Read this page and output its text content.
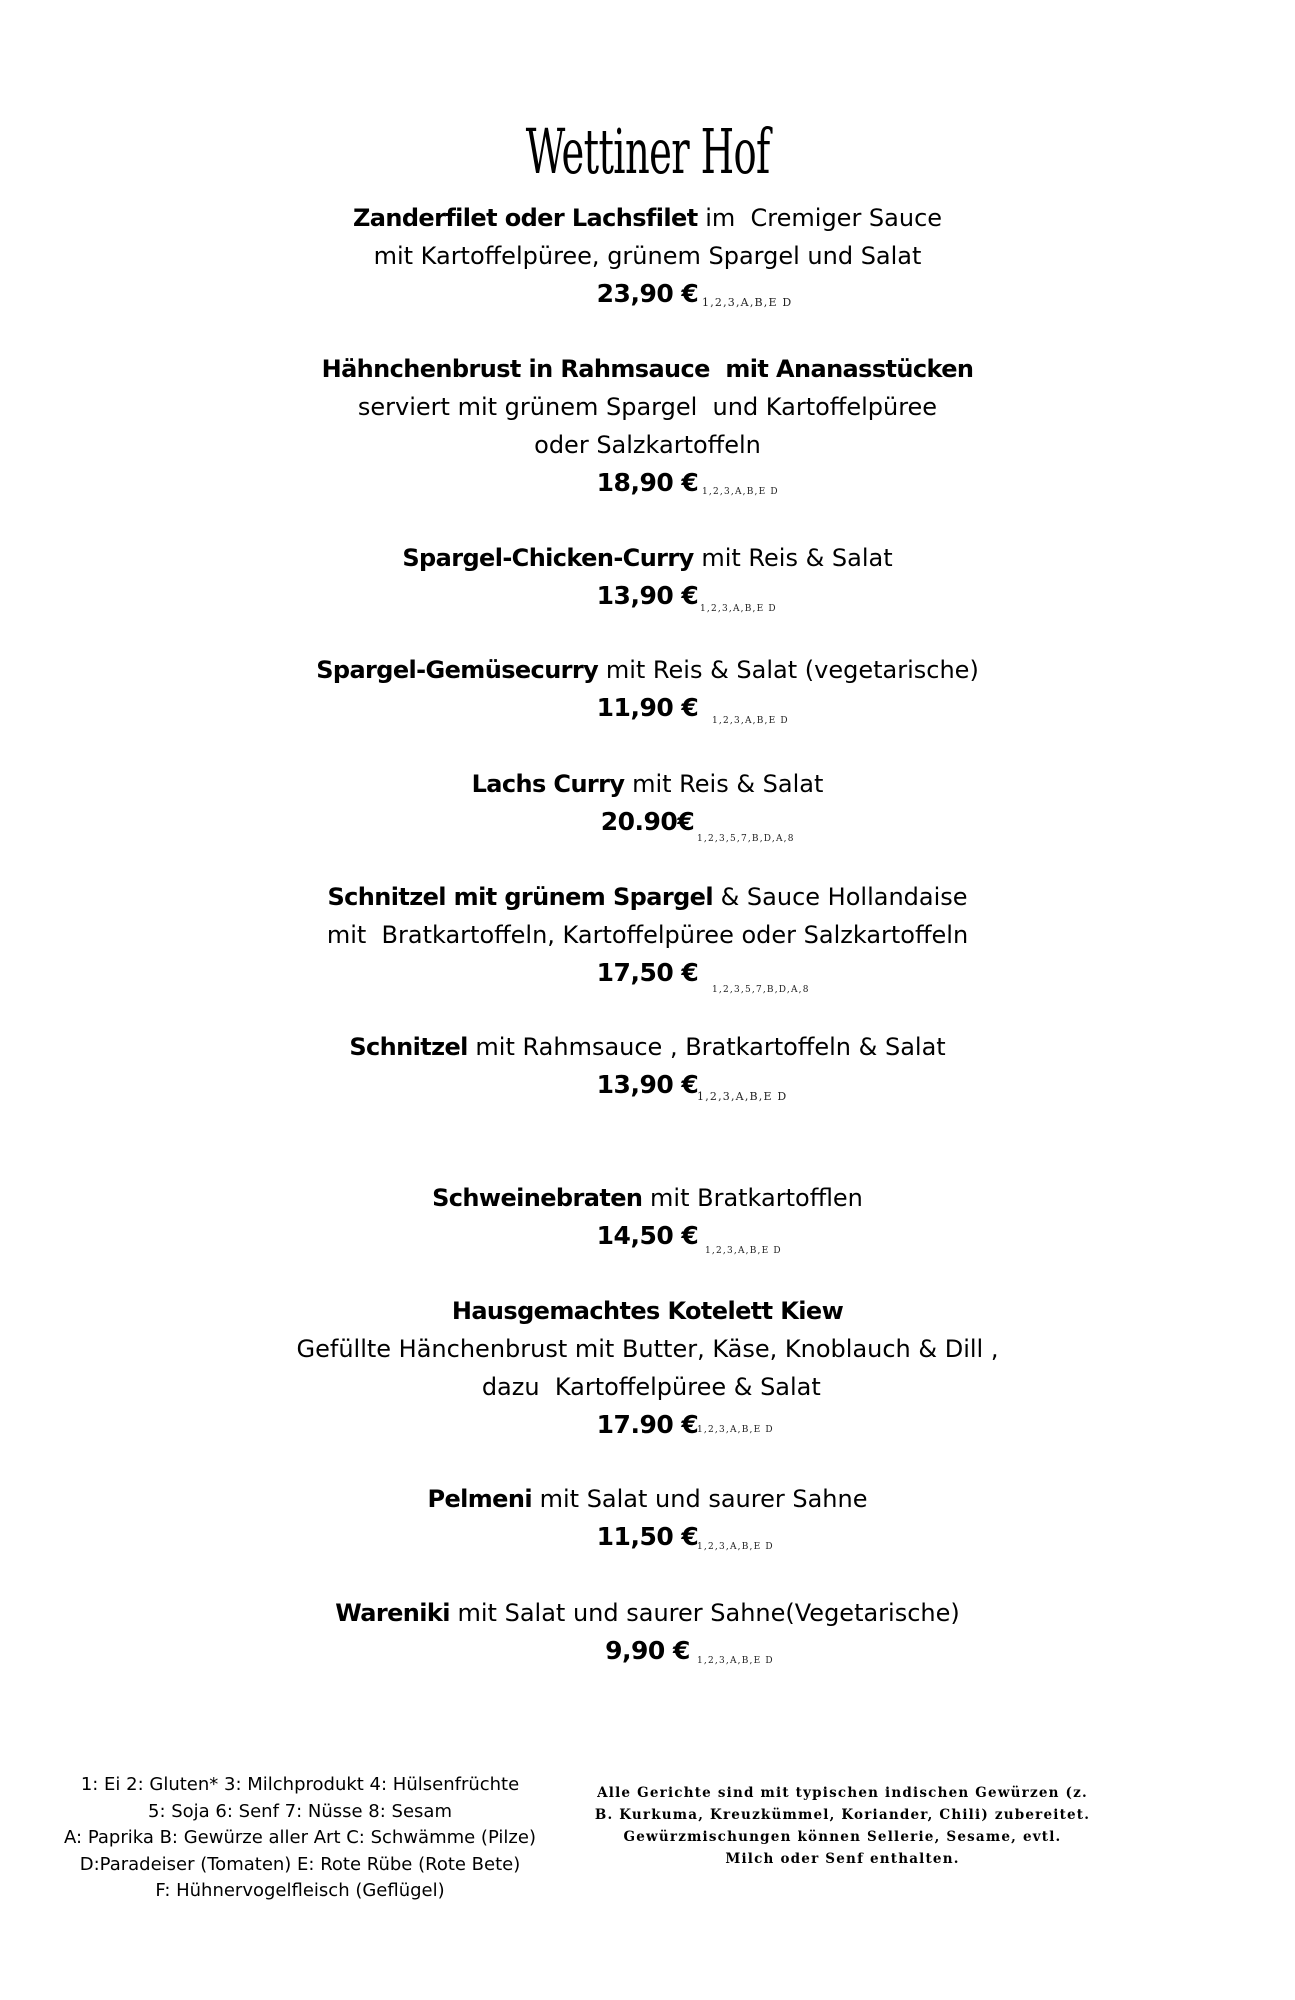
Wettiner Hof
Zanderfilet oder Lachsfilet im  Cremiger Sauce
mit Kartoffelpüree, grünem Spargel und Salat
23,90 € 1,2,3,A,B,E D
Hähnchenbrust in Rahmsauce  mit Ananasstücken
serviert mit grünem Spargel  und Kartoffelpüree
oder Salzkartoffeln
18,90 € 1,2,3,A,B,E D
Spargel-Chicken-Curry mit Reis & Salat
13,90 € 1,2,3,A,B,E D
Spargel-Gemüsecurry mit Reis & Salat (vegetarische)
11,90 € 1,2,3,A,B,E D
Lachs Curry mit Reis & Salat
20.90€
1,2,3,5,7,B,D,A,8
Schnitzel mit grünem Spargel & Sauce Hollandaise
mit  Bratkartoffeln, Kartoffelpüree oder Salzkartoffeln
17,50 €
1,2,3,5,7,B,D,A,8
Schnitzel mit Rahmsauce , Bratkartoffeln & Salat
13,90 €
1,2,3,A,B,E D
Schweinebraten mit Bratkartofflen
14,50 €
1,2,3,A,B,E D
Hausgemachtes Kotelett Kiew
Gefüllte Hänchenbrust mit Butter, Käse, Knoblauch & Dill ,
dazu  Kartoffelpüree & Salat
17.90 €
1,2,3,A,B,E D
Pelmeni mit Salat und saurer Sahne
11,50 €
1,2,3,A,B,E D
Wareniki mit Salat und saurer Sahne(Vegetarische)
9,90 € 1,2,3,A,B,E D
1: Ei 2: Gluten* 3: Milchprodukt 4: Hülsenfrüchte
5: Soja 6: Senf 7: Nüsse 8: Sesam
A: Paprika B: Gewürze aller Art C: Schwämme (Pilze)
D:Paradeiser (Tomaten) E: Rote Rübe (Rote Bete)
F: Hühnervogelfleisch (Geflügel)
Alle Gerichte sind mit typischen indischen Gewürzen (z.
B. Kurkuma, Kreuzkümmel, Koriander, Chili) zubereitet.
Gewürzmischungen können Sellerie, Sesame, evtl.
Milch oder Senf enthalten.
